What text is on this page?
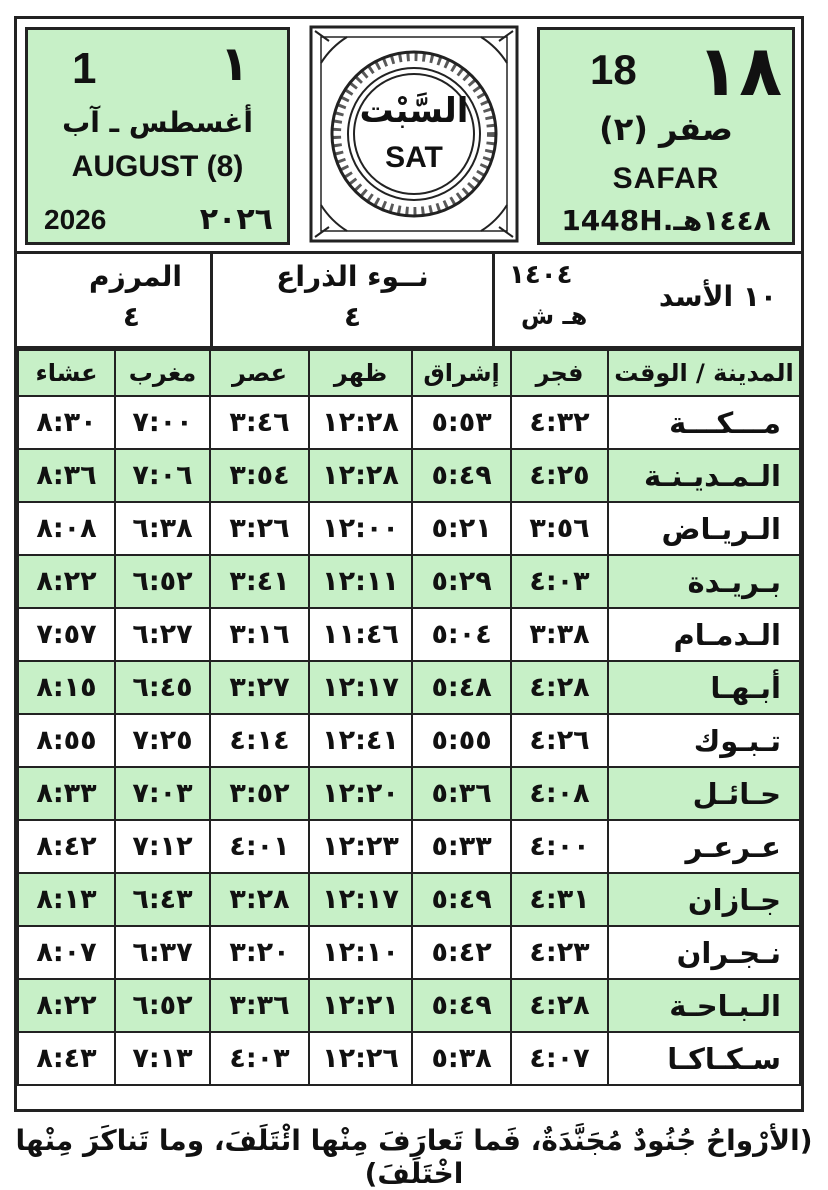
1	١
أغسطس ـ آب
AUGUST (8)
2026	٢٠٢٦
السَّبْت
SAT
18 ١٨
صفر (٢)
SAFAR
1448H.١٤٤٨هـ
المرزم
٤
نــوء الذراع
٤
١٤٠٤
هـ ش
١٠ الأسد
المدينة / الوقت	فجر	إشراق	ظهر	عصر	مغرب	عشاء
مـــكـــة	٤:٣٢	٥:٥٣	١٢:٢٨	٣:٤٦	٧:٠٠	٨:٣٠
الـمـديـنـة	٤:٢٥	٥:٤٩	١٢:٢٨	٣:٥٤	٧:٠٦	٨:٣٦
الـريـاض	٣:٥٦	٥:٢١	١٢:٠٠	٣:٢٦	٦:٣٨	٨:٠٨
بـريـدة	٤:٠٣	٥:٢٩	١٢:١١	٣:٤١	٦:٥٢	٨:٢٢
الـدمـام	٣:٣٨	٥:٠٤	١١:٤٦	٣:١٦	٦:٢٧	٧:٥٧
أبـهـا	٤:٢٨	٥:٤٨	١٢:١٧	٣:٢٧	٦:٤٥	٨:١٥
تـبـوك	٤:٢٦	٥:٥٥	١٢:٤١	٤:١٤	٧:٢٥	٨:٥٥
حـائـل	٤:٠٨	٥:٣٦	١٢:٢٠	٣:٥٢	٧:٠٣	٨:٣٣
عـرعـر	٤:٠٠	٥:٣٣	١٢:٢٣	٤:٠١	٧:١٢	٨:٤٢
جـازان	٤:٣١	٥:٤٩	١٢:١٧	٣:٢٨	٦:٤٣	٨:١٣
نـجـران	٤:٢٣	٥:٤٢	١٢:١٠	٣:٢٠	٦:٣٧	٨:٠٧
الـبـاحـة	٤:٢٨	٥:٤٩	١٢:٢١	٣:٣٦	٦:٥٢	٨:٢٢
سـكـاكـا	٤:٠٧	٥:٣٨	١٢:٢٦	٤:٠٣	٧:١٣	٨:٤٣
(الأرْواحُ جُنُودٌ مُجَنَّدَةٌ، فَما تَعارَفَ مِنْها ائْتَلَفَ، وما تَناكَرَ مِنْها اخْتَلَفَ)
